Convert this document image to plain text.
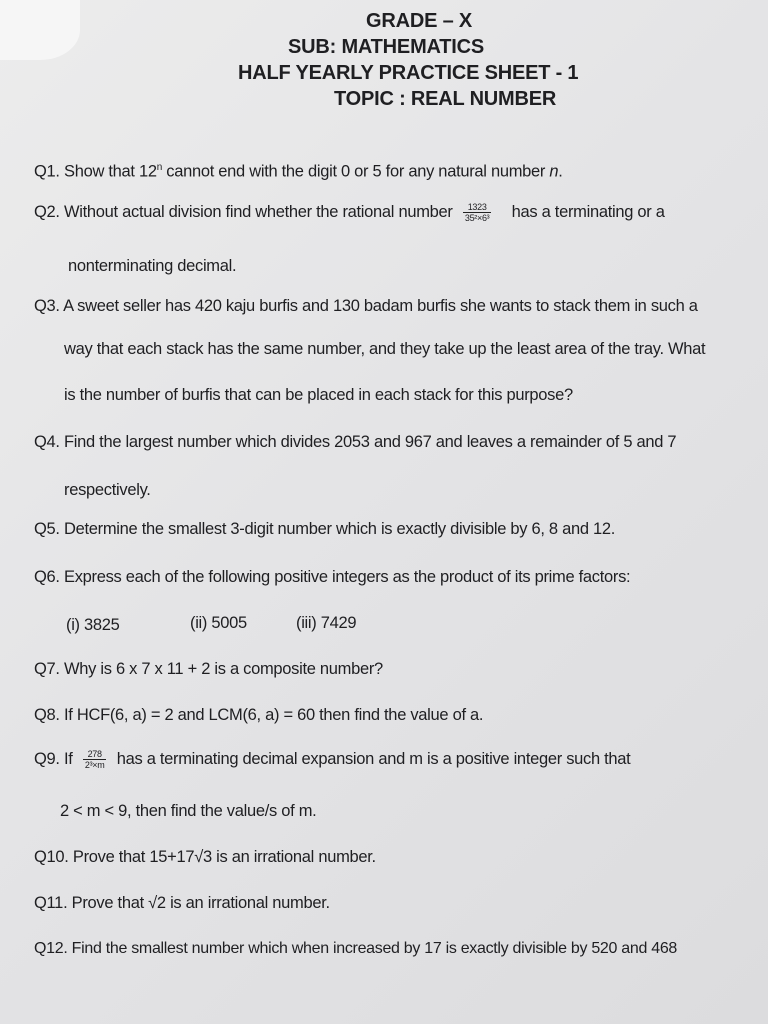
GRADE – X
SUB: MATHEMATICS
HALF YEARLY PRACTICE SHEET - 1
TOPIC : REAL NUMBER
Q1. Show that 12$^n$ cannot end with the digit 0 or 5 for any natural number n.
Q2. Without actual division find whether the rational number $\frac{1323}{\text{35²×6³}}$ has a terminating or a
nonterminating decimal.
Q3. A sweet seller has 420 kaju burfis and 130 badam burfis she wants to stack them in such a
way that each stack has the same number, and they take up the least area of the tray. What
is the number of burfis that can be placed in each stack for this purpose?
Q4. Find the largest number which divides 2053 and 967 and leaves a remainder of 5 and 7
respectively.
Q5. Determine the smallest 3-digit number which is exactly divisible by 6, 8 and 12.
Q6. Express each of the following positive integers as the product of its prime factors:
(i) 3825	(ii) 5005	(iii) 7429
Q7. Why is 6 x 7 x 11 + 2 is a composite number?
Q8. If HCF(6, a) = 2 and LCM(6, a) = 60 then find the value of a.
Q9. If $\frac{278}{\text{2³×m}}$ has a terminating decimal expansion and m is a positive integer such that
2 < m < 9, then find the value/s of m.
Q10. Prove that 15+17√3 is an irrational number.
Q11. Prove that √2 is an irrational number.
Q12. Find the smallest number which when increased by 17 is exactly divisible by 520 and 468
